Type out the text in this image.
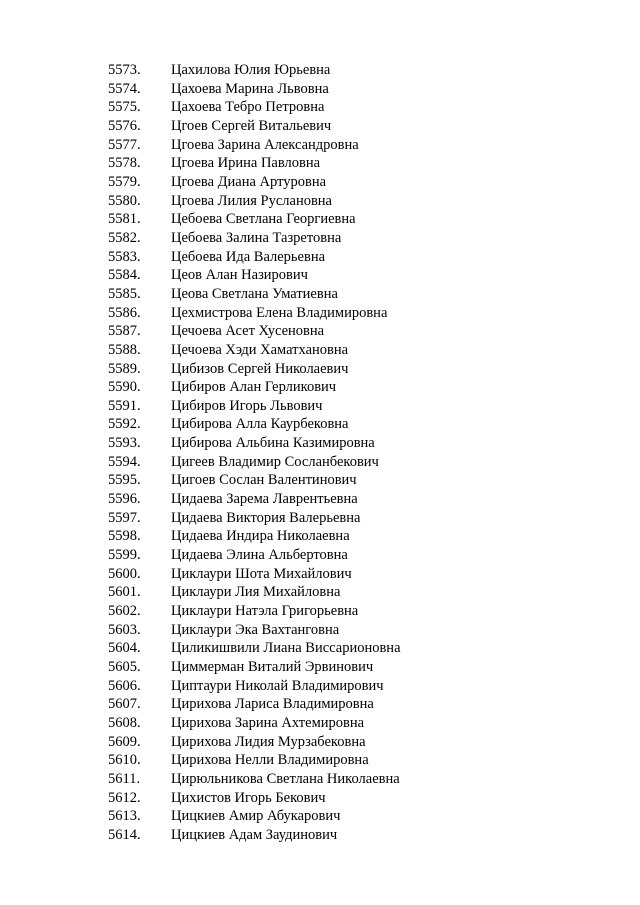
5573. Цахилова Юлия Юрьевна
5574. Цахоева Марина Львовна
5575. Цахоева Тебро Петровна
5576. Цгоев Сергей Витальевич
5577. Цгоева Зарина Александровна
5578. Цгоева Ирина Павловна
5579. Цгоева Диана Артуровна
5580. Цгоева Лилия Руслановна
5581. Цебоева Светлана Георгиевна
5582. Цебоева Залина Тазретовна
5583. Цебоева Ида Валерьевна
5584. Цеов Алан Назирович
5585. Цеова Светлана Уматиевна
5586. Цехмистрова Елена Владимировна
5587. Цечоева Асет Хусеновна
5588. Цечоева Хэди Хаматхановна
5589. Цибизов Сергей Николаевич
5590. Цибиров Алан Герликович
5591. Цибиров Игорь Львович
5592. Цибирова Алла Каурбековна
5593. Цибирова Альбина Казимировна
5594. Цигеев Владимир Сосланбекович
5595. Цигоев Сослан Валентинович
5596. Цидаева Зарема Лаврентьевна
5597. Цидаева Виктория Валерьевна
5598. Цидаева Индира Николаевна
5599. Цидаева Элина Альбертовна
5600. Циклаури Шота Михайлович
5601. Циклаури Лия Михайловна
5602. Циклаури Натэла Григорьевна
5603. Циклаури Эка Вахтанговна
5604. Циликишвили Лиана Виссарионовна
5605. Циммерман Виталий Эрвинович
5606. Циптаури Николай Владимирович
5607. Цирихова Лариса Владимировна
5608. Цирихова Зарина Ахтемировна
5609. Цирихова Лидия Мурзабековна
5610. Цирихова Нелли Владимировна
5611. Цирюльникова Светлана Николаевна
5612. Цихистов Игорь Бекович
5613. Цицкиев Амир Абукарович
5614. Цицкиев Адам Заудинович
